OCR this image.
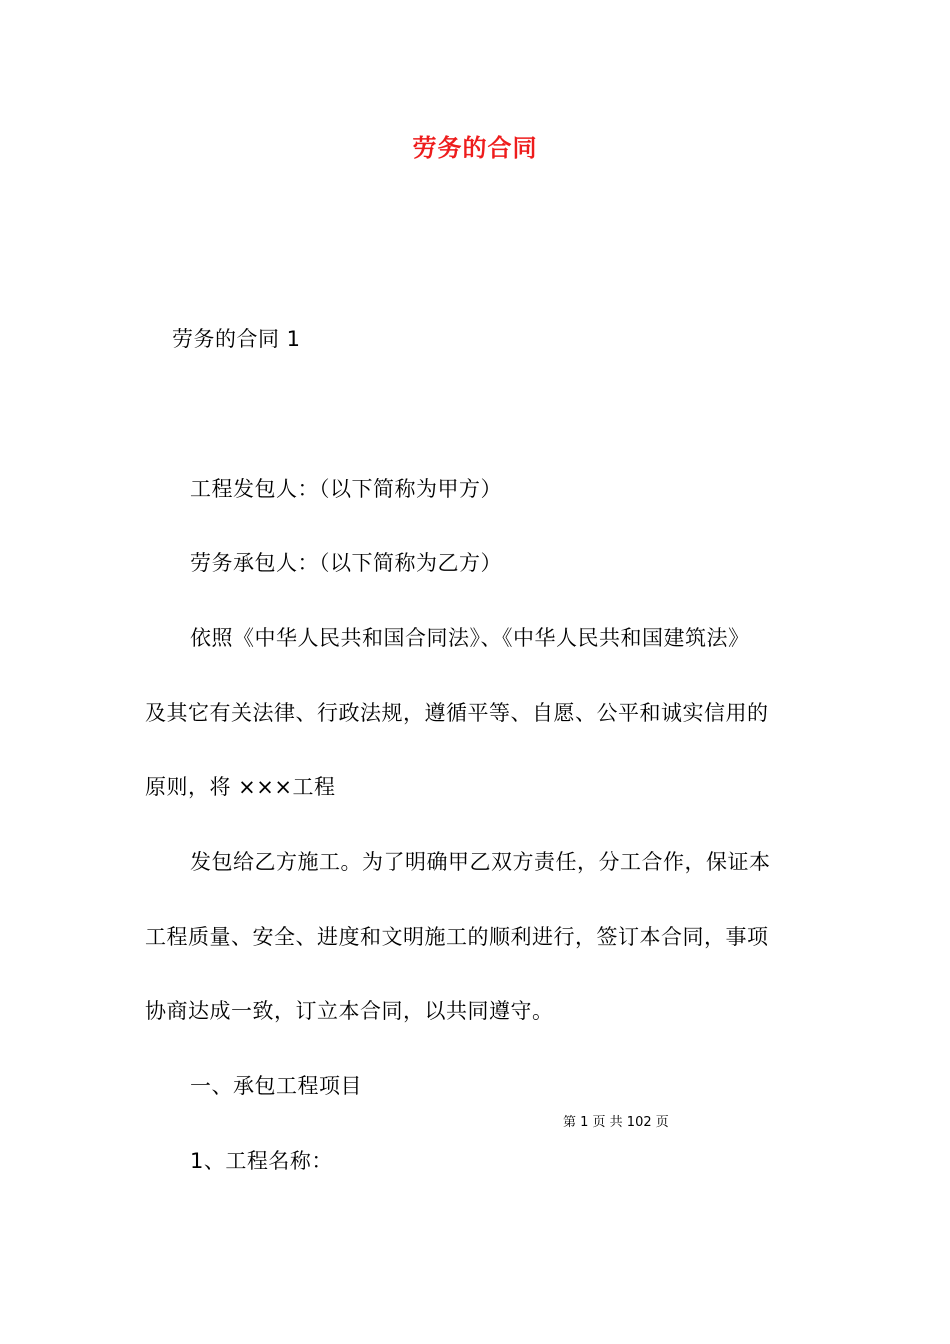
劳务的合同

劳务的合同 1

工程发包人：（以下简称为甲方）

劳务承包人：（以下简称为乙方）

依照《中华人民共和国合同法》、《中华人民共和国建筑法》

及其它有关法律、行政法规，遵循平等、自愿、公平和诚实信用的

原则，将 ×××工程

发包给乙方施工。为了明确甲乙双方责任，分工合作，保证本

工程质量、安全、进度和文明施工的顺利进行，签订本合同，事项

协商达成一致，订立本合同，以共同遵守。

一、承包工程项目

第 1 页 共 102 页

1、工程名称：
